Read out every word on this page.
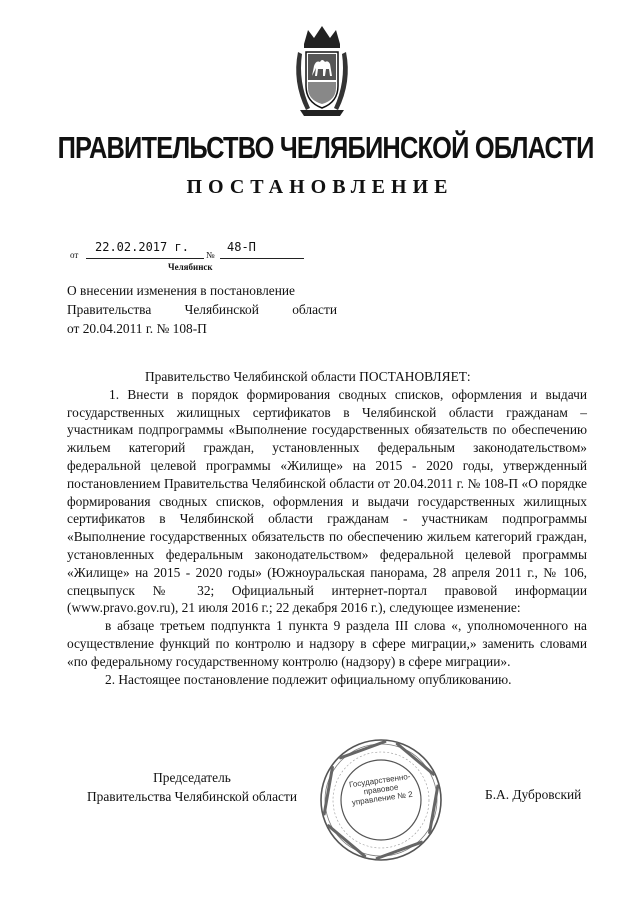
ПРАВИТЕЛЬСТВО ЧЕЛЯБИНСКОЙ ОБЛАСТИ
ПОСТАНОВЛЕНИЕ
от
22.02.2017 г.
№
48-П
Челябинск
О внесении изменения в постановление

Правительства Челябинской области
от 20.04.2011 г. № 108-П

Правительство Челябинской области ПОСТАНОВЛЯЕТ:

1. Внести в порядок формирования сводных списков, оформления и выдачи государственных жилищных сертификатов в Челябинской области гражданам – участникам подпрограммы «Выполнение государственных обязательств по обеспечению жильем категорий граждан, установленных федеральным законодательством» федеральной целевой программы «Жилище» на 2015 - 2020 годы, утвержденный постановлением Правительства Челябинской области от 20.04.2011 г. № 108-П «О порядке формирования сводных списков, оформления и выдачи государственных жилищных сертификатов в Челябинской области гражданам - участникам подпрограммы «Выполнение государственных обязательств по обеспечению жильем категорий граждан, установленных федеральным законодательством» федеральной целевой программы «Жилище» на 2015 - 2020 годы» (Южноуральская панорама, 28 апреля 2011 г., № 106, спецвыпуск № 32; Официальный интернет-портал правовой информации (www.pravo.gov.ru), 21 июля 2016 г.; 22 декабря 2016 г.), следующее изменение:

в абзаце третьем подпункта 1 пункта 9 раздела III слова «, уполномоченного на осуществление функций по контролю и надзору в сфере миграции,» заменить словами «по федеральному государственному контролю (надзору) в сфере миграции».

2. Настоящее постановление подлежит официальному опубликованию.

Председатель
Правительства Челябинской области	Б.А. Дубровский
Государственно-правовое управление № 2
